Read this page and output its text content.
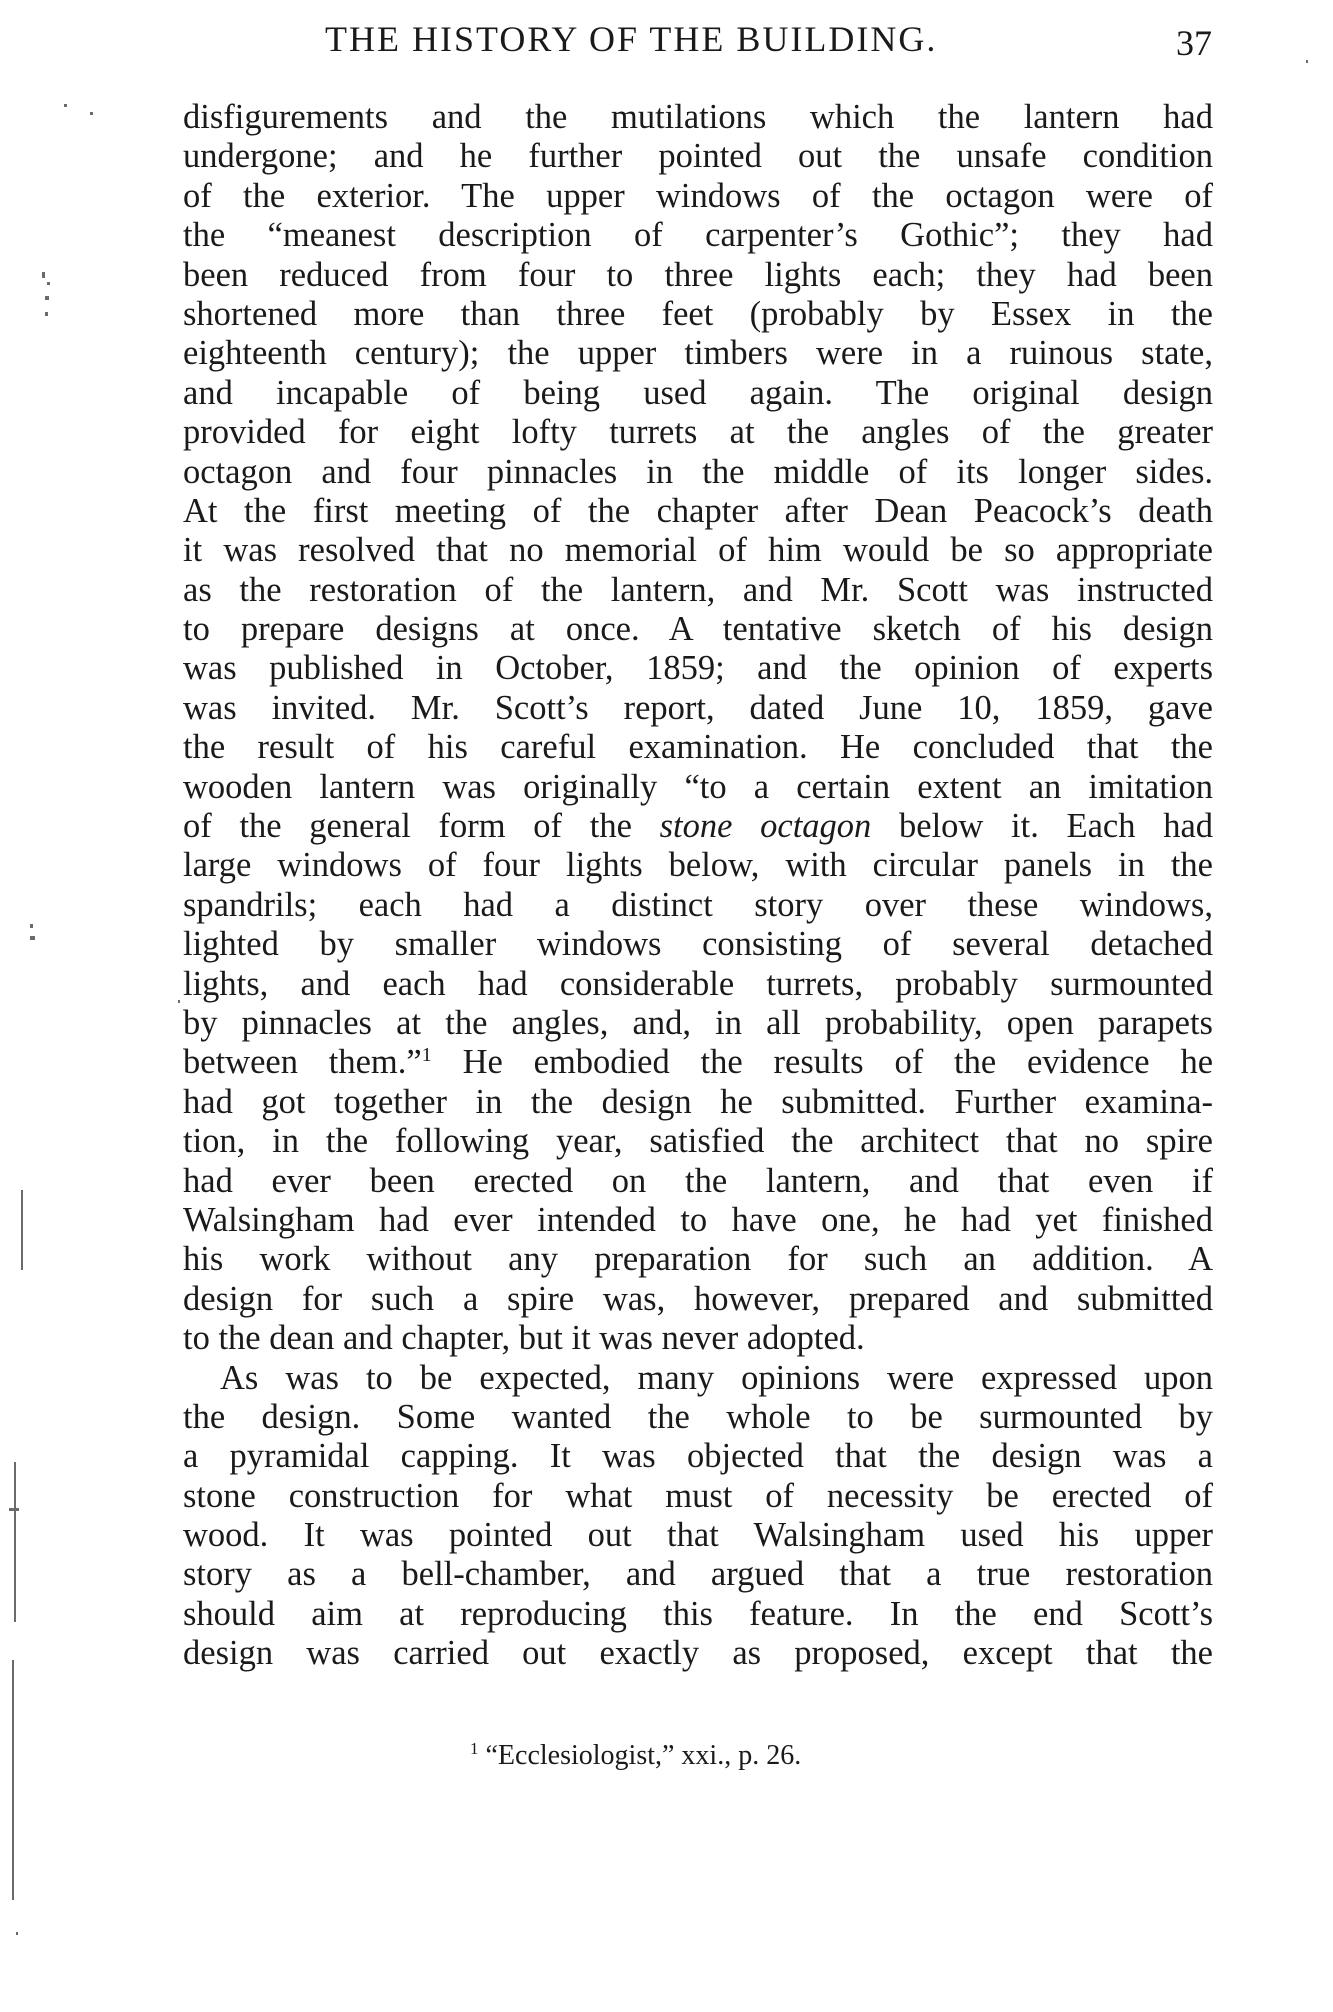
THE HISTORY OF THE BUILDING.	37
disfigurements and the mutilations which the lantern had
undergone; and he further pointed out the unsafe condition
of the exterior. The upper windows of the octagon were of
the “meanest description of carpenter’s Gothic”; they had
been reduced from four to three lights each; they had been
shortened more than three feet (probably by Essex in the
eighteenth century); the upper timbers were in a ruinous state,
and incapable of being used again. The original design
provided for eight lofty turrets at the angles of the greater
octagon and four pinnacles in the middle of its longer sides.
At the first meeting of the chapter after Dean Peacock’s death
it was resolved that no memorial of him would be so appropriate
as the restoration of the lantern, and Mr. Scott was instructed
to prepare designs at once. A tentative sketch of his design
was published in October, 1859; and the opinion of experts
was invited. Mr. Scott’s report, dated June 10, 1859, gave
the result of his careful examination. He concluded that the
wooden lantern was originally “to a certain extent an imitation
of the general form of the stone octagon below it. Each had
large windows of four lights below, with circular panels in the
spandrils; each had a distinct story over these windows,
lighted by smaller windows consisting of several detached
lights, and each had considerable turrets, probably surmounted
by pinnacles at the angles, and, in all probability, open parapets
between them.”$^1$ He embodied the results of the evidence he
had got together in the design he submitted. Further examina-
tion, in the following year, satisfied the architect that no spire
had ever been erected on the lantern, and that even if
Walsingham had ever intended to have one, he had yet finished
his work without any preparation for such an addition. A
design for such a spire was, however, prepared and submitted
to the dean and chapter, but it was never adopted.
As was to be expected, many opinions were expressed upon
the design. Some wanted the whole to be surmounted by
a pyramidal capping. It was objected that the design was a
stone construction for what must of necessity be erected of
wood. It was pointed out that Walsingham used his upper
story as a bell-chamber, and argued that a true restoration
should aim at reproducing this feature. In the end Scott’s
design was carried out exactly as proposed, except that the
$^1$ “Ecclesiologist,” xxi., p. 26.
